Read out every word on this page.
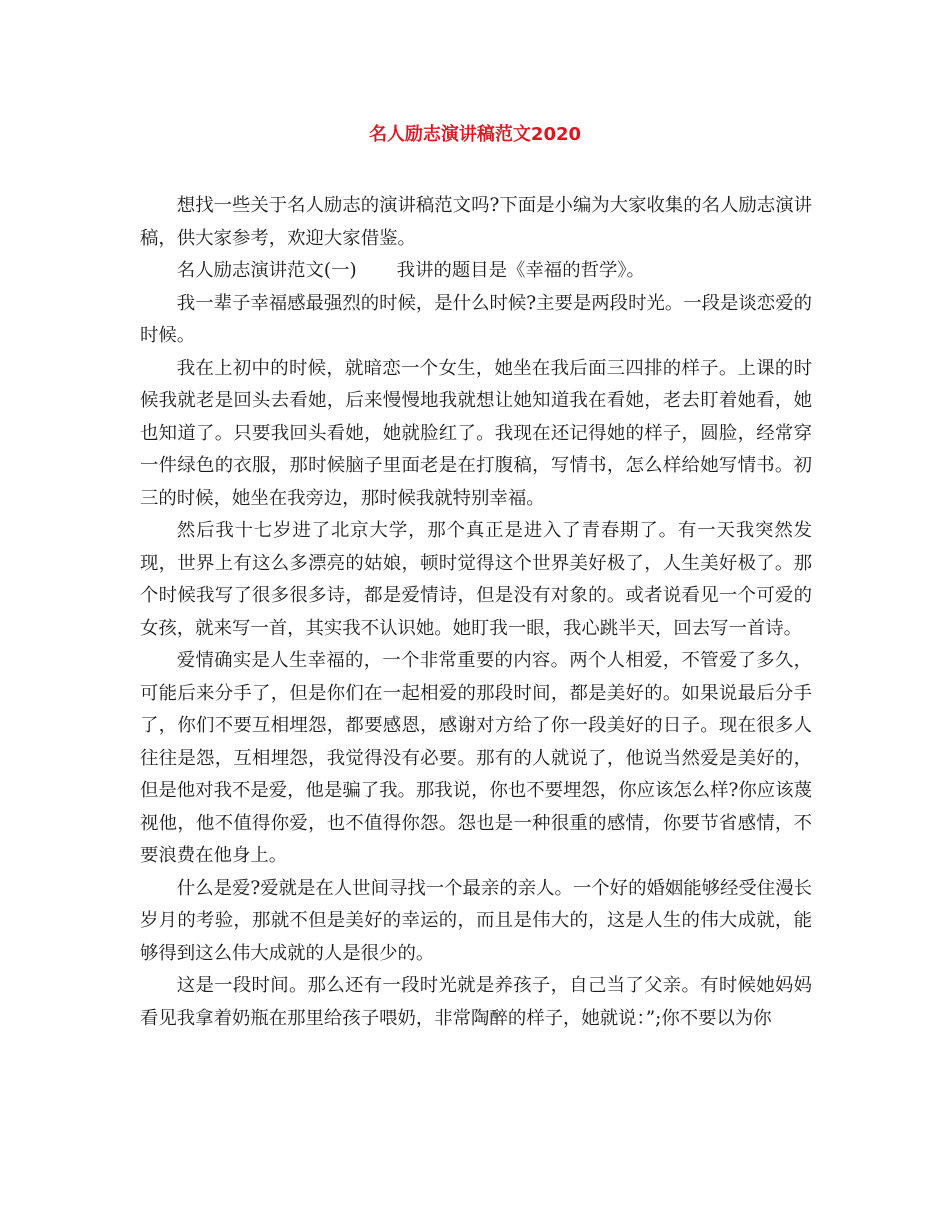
名人励志演讲稿范文2020

想找一些关于名人励志的演讲稿范文吗?下面是小编为大家收集的名人励志演讲稿，供大家参考，欢迎大家借鉴。

名人励志演讲范文(一) 我讲的题目是《幸福的哲学》。

我一辈子幸福感最强烈的时候，是什么时候?主要是两段时光。一段是谈恋爱的时候。

我在上初中的时候，就暗恋一个女生，她坐在我后面三四排的样子。上课的时候我就老是回头去看她，后来慢慢地我就想让她知道我在看她，老去盯着她看，她也知道了。只要我回头看她，她就脸红了。我现在还记得她的样子，圆脸，经常穿一件绿色的衣服，那时候脑子里面老是在打腹稿，写情书，怎么样给她写情书。初三的时候，她坐在我旁边，那时候我就特别幸福。

然后我十七岁进了北京大学，那个真正是进入了青春期了。有一天我突然发现，世界上有这么多漂亮的姑娘，顿时觉得这个世界美好极了，人生美好极了。那个时候我写了很多很多诗，都是爱情诗，但是没有对象的。或者说看见一个可爱的女孩，就来写一首，其实我不认识她。她盯我一眼，我心跳半天，回去写一首诗。

爱情确实是人生幸福的，一个非常重要的内容。两个人相爱，不管爱了多久，可能后来分手了，但是你们在一起相爱的那段时间，都是美好的。如果说最后分手了，你们不要互相埋怨，都要感恩，感谢对方给了你一段美好的日子。现在很多人往往是怨，互相埋怨，我觉得没有必要。那有的人就说了，他说当然爱是美好的，但是他对我不是爱，他是骗了我。那我说，你也不要埋怨，你应该怎么样?你应该蔑视他，他不值得你爱，也不值得你怨。怨也是一种很重的感情，你要节省感情，不要浪费在他身上。

什么是爱?爱就是在人世间寻找一个最亲的亲人。一个好的婚姻能够经受住漫长岁月的考验，那就不但是美好的幸运的，而且是伟大的，这是人生的伟大成就，能够得到这么伟大成就的人是很少的。

这是一段时间。那么还有一段时光就是养孩子，自己当了父亲。有时候她妈妈看见我拿着奶瓶在那里给孩子喂奶，非常陶醉的样子，她就说：”;你不要以为你
